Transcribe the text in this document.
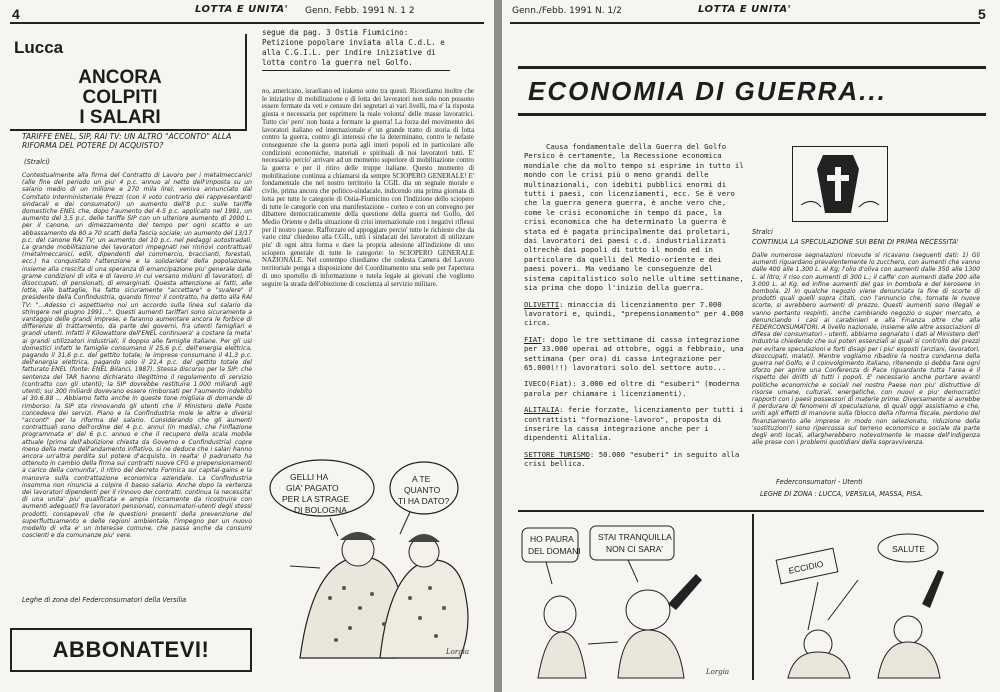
4	LOTTA E UNITA' Genn. Febb. 1991 N. 1 2
Lucca
ANCORA
COLPITI
I SALARI
TARIFFE ENEL, SIP, RAI TV: UN ALTRO "ACCONTO" ALLA RIFORMA DEL POTERE DI ACQUISTO?
(Stralci)
Contestualmente alla firma del Contratto di Lavoro per i metalmeccanici (alle fine del periodo un piu' 4 p.c. annuo al netto dell'imposta su un salario medio di un milione e 270 mila lire), veniva annunciato dal Comitato Interministeriale Prezzi (con il voto contrario dei rappresentanti sindacali e dei consumatori) un aumento dell'8 p.c. sulle tariffe domestiche ENEL che, dopo l'aumento del 4-5 p.c. applicato nel 1991, un aumento del 3,5 p.c. delle tariffe SIP con un ulteriore aumento di 2000 L. per il canone, un dimezzamento del tempo per ogni scatto e un abbassamento da 80 a 70 scatti della fascia sociale; un aumento del 13/17 p.c. del canone RAI TV; un aumento del 10 p.c. nel pedaggi autostradali. La grande mobilitazione dei lavoratori impegnati nei rinnovi contrattuali (metalmeccanici, edili, dipendenti del commercio, braccianti, forestali, ecc.) ha conquistato l'attenzione e la solidarieta' della popolazione, insieme alla crescita di una speranza di emancipazione piu' generale dalle grame condizioni di vita e di lavoro in cui versano milioni di lavoratori, di disoccupati, di pensionati, di emarginati. Questa attenzione ai fatti, alle lotte, alle battaglie, ha fatto sicuramente "accettare" e "svalere" il presidente della Confindustria, quando firmo' il contratto, ha detto alla RAI TV: "...Adesso ci aspettiamo noi un accordo sulla linea sul salario da stringere nel giugno 1991...". Questi aumenti tariffari sono sicuramente a vantaggio delle grandi imprese, e faranno aumentare ancora le forbice di differenze di trattamento, da parte dei governi, fra utenti famigliari e grandi utenti. Infatti il Kilowattore dell'ENEL continuera' a costare la meta' ai grandi utilizzatori industriali, il doppio alle famiglie italiane. Per gli usi domestici infatti le famiglie consumano il 25,6 p.c. dell'energia elettrica, pagando il 31,6 p.c. del gettito totale; le imprese consumano il 41,3 p.c. dell'energia elettrica, pagando solo il 21,4 p.c. del gettito totale del fatturato ENEL (fonte: ENEL Bilanci, 1987). Stessa discorso per la SIP: che sentenza del TAR hanno dichiarato illegittimo il regolamento di servizio (contratto con gli utenti); la SIP dovrebbe restituire 1.000 miliardi agli utenti; sui 300 miliardi dovevano essere rimborsati per l'aumento indebito al 30.6.88 ... Abbiamo fatto anche in queste tone migliaia di domande di rimborso: la SIP sta rinnovando gli utenti che il Ministero delle Poste concedeva dei servizi. Piano e la Confindustria mole le altre e diversi "acconti" per la riforma del salario. Considerando che gli aumenti contrattuali sono dell'ordine del 4 p.c. annui (in media), che l'inflazione programmata e' del 6 p.c. annuo e che il recupero della scala mobile attuale (prima dell'abolizione chiesta da Governo e Confindustria) copre meno della meta' dell'andamento inflativo, si ne deduce che i salari hanno ancora un'altra perdita sul potere d'acquisto. In realta' il padronato ha ottenuto in cambio della firma sui contratti nuove CFG e prepensionamenti a carico della comunita', il ritiro del decreto Formica sui capital-gains e la manovra sulla contrattazione economica aziendale. La Confindustria insomma non rinuncia a colpire il basso salario. Anche dopo la vertenza dei lavoratori dipendenti per il rinnovo dei contratti, continua la necessita' di una unita' piu' qualificata e ampia (riccamente da ricostruire con aumenti adeguati) fra lavoratori pensionati, consumatori-utenti degli stessi prodotti, consapevoli che le questioni presenti della prevenzione del superfluttuamento e delle regioni ambientale, l'impegno per un nuovo modello di vita e' un interesse comune, che passa anche da consumi coscienti e da comunanze piu' vere.
Leghe di zona del Federconsumatori della Versilia
segue da pag. 3 Ostia Fiumicino: Petizione popolare inviata alla C.d.L. e alla C.G.I.L. per indire iniziative di lotta contro la guerra nel Golfo.
no, americano, israeliano ed irakeno sono tra questi. Ricordiamo inoltre che le iniziative di mobilitazione e di lotta dei lavoratori non solo non possono essere fermate da veti e censure dei segretari ai vari livelli, ma e' la risposta giusta e necessaria per esprimere la reale volonta' delle masse lavoratrici. Tutto cio' pero' non basta a fermare la guerra! La forza del movimento dei lavoratori italiano ed internazionale e' un grande tratto di storia di lotta contro la guerra, contro gli interessi che la determinano, contro le nefaste conseguenze che la guerra porta agli interi popoli ed in particolare alle condizioni economiche, materiali e spirituali di noi lavoratori tutti. E' necessario percio' arrivare ad un momento superiore di mobilitazione contro la guerra e per il ritiro delle truppe italiane. Questo momento di mobilitazione continua a chiamarsi da sempre SCIOPERO GENERALE! E' fondamentale che nel nostro territorio la CGIL dia un segnale morale e civile, prima ancora che politico-sindacale, indicendo una prima giornata di lotta per tutte le categorie di Ostia-Fiumicino con l'indizione dello sciopero di tutte le categorie con una manifestazione - corteo e con un convegno per dibattere democraticamente della questione della guerra nel Golfo, del Medio Oriente e della situazione di crisi internazionale con i negativi riflessi per il nostro paese. Rafforzare ed appoggiare percio' tutte le richieste che da varie citta' chiedono alla CGIL, tutti i sindacati dei lavoratori di utilizzare piu' di ogni altra forma e dare la propria adesione all'indizione di uno sciopero generale di tutte le categorie: lo SCIOPERO GENERALE NAZIONALE. Nel contempo chiediamo che codesta Camera del Lavoro territoriale ponga a disposizione del Coordinamento una sede per l'apertura di uno sportello di informazione e tutela legale ai giovani che vogliono seguire la strada dell'obiezione di coscienza al servizio militare.
GELLI HA
GIA' PAGATO
PER LA STRAGE
DI BOLOGNA
A TE
QUANTO
TI HA DATO?
Lorgia
ABBONATEVI!
Genn./Febb. 1991 N. 1/2	LOTTA E UNITA'	5
ECONOMIA DI GUERRA...

Causa fondamentale della Guerra del Golfo Persico è certamente, la Recessione economica mondiale che da molto tempo si esprime in tutto il mondo con le crisi più o meno grandi delle multinazionali, con idebiti pubblici enormi di tutti i paesi, con licenziamenti, ecc. Se è vero che la guerra genera guerra, è anche vero che, come le crisi economiche in tempo di pace, la crisi economica che ha determinato la guerra è stata ed è pagata principalmente dai proletari, dai lavoratori dei paesi c.d. industrializzati oltrechè dai popoli di tutto il mondo ed in particolare da quelli del Medio-oriente e dei paesi poveri. Ma vediamo le conseguenze del sistema capitalistico solo nelle ultime settimane, sia prima che dopo l'inizio della guerra.

OLIVETTI: minaccia di licenziamento per 7.000 lavoratori e, quindi, "prepensionamento" per 4.000 circa.

FIAT: dopo le tre settimane di cassa integrazione per 33.000 operai ad ottobre, oggi a febbraio, una settimana (per ora) di cassa integrazione per 65.000(!!) lavoratori solo del settore auto...

IVECO(Fiat): 3.000 ed oltre di "esuberi" (moderna parola per chiamare i licenziamenti).

ALITALIA: ferie forzate, licenziamento per tutti i contrattisti "formazione-lavoro", proposta di inserire la cassa integrazione anche per i dipendenti Alitalia.

SETTORE TURISMO: 50.000 "esuberi" in seguito alla crisi bellica.

Stralci
CONTINUA LA SPECULAZIONE SUI BENI DI PRIMA NECESSITA'
Dalle numerose segnalazioni ricevute si ricavano (seguenti dati: 1) Gli aumenti riguardano prevalentemente lo zucchero, con aumenti che vanno dalle 400 alle 1.300 L. al Kg; l'olio d'oliva con aumenti dalle 350 alle 1300 L. al litro; il riso con aumenti di 300 L.; il caffe' con aumenti dalle 200 alle 3.000 L. al Kg. ed infine aumenti del gas in bombola e del kerosene in bombola. 2) In qualche negozio viene denunciata la fine di scorte di prodotti quali quelli sopra citati, con l'annuncio che, tornate le nuove scorte, si avrebbero aumenti di prezzo. Questi aumenti sono illegali e vanno pertanto respinti, anche cambiando negozio o super mercato, e denunciando i casi ai carabinieri e alla Finanza oltre che alla FEDERCONSUMATORI. A livello nazionale, insieme alle altre associazioni di difesa dei consumatori - utenti, abbiamo segnalato i dati al Ministero dell' Industria chiedendo che sui poteri essenziali ai quali si controllo dei prezzi per evitare speculazioni e forti disagi per i piu' esposti (anziani, lavoratori, disoccupati, malati). Mentre vogliamo ribadire la nostra condanna della guerra nel Golfo, e il coinvolgimento italiano, ritenendo si debba fare ogni sforzo per aprire una Conferenza di Pace riguardante tutta l'area e il rispetto dei diritti di tutti i popoli. E' necessario anche portare avanti politiche economiche e sociali nel nostro Paese non piu' distruttive di risorse umane, culturali, energetiche, con nuovi e piu' democratici rapporti con i paesi possessori di materie prime. Diversamente si avrebbe il perdurare di fenomeni di speculazione, di quali oggi assistiamo e che, uniti agli effetti di manovre sulla (blocco della riforma fiscale, perdono del finanziamento alle imprese in modo non selezionato, riduzione della 'sostituzioni') sono ripercossa sul terreno economico e sociale da parte degli enti locali, allargherebbero notevolmente le masse dell'indigenza alle prese con i problemi quotidiani della sopravvivenza.
Federconsumatori - Utenti
LEGHE DI ZONA : LUCCA, VERSILIA, MASSA, PISA.
HO PAURA
DEL DOMANI
STAI TRANQUILLA
NON CI SARA'
Lorgia
ECCIDIO
SALUTE
